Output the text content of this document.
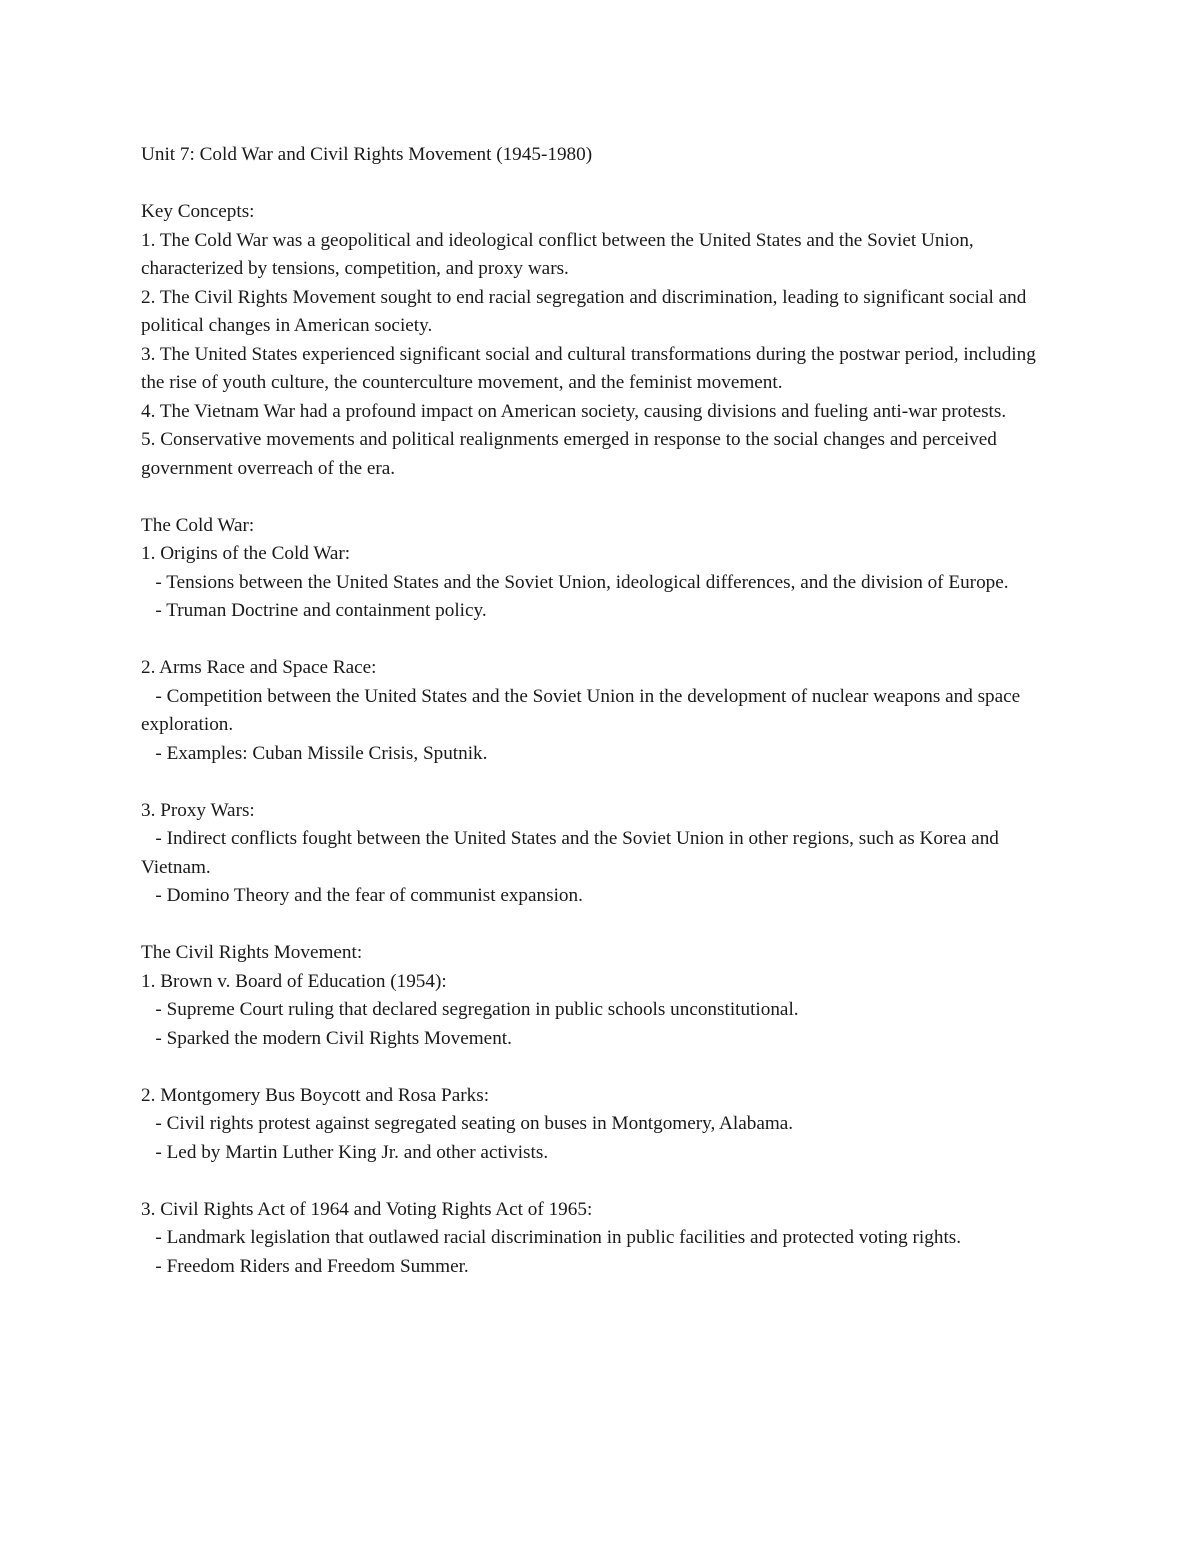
Unit 7: Cold War and Civil Rights Movement (1945-1980)

Key Concepts:

1. The Cold War was a geopolitical and ideological conflict between the United States and the Soviet Union, characterized by tensions, competition, and proxy wars.

2. The Civil Rights Movement sought to end racial segregation and discrimination, leading to significant social and political changes in American society.

3. The United States experienced significant social and cultural transformations during the postwar period, including the rise of youth culture, the counterculture movement, and the feminist movement.

4. The Vietnam War had a profound impact on American society, causing divisions and fueling anti-war protests.

5. Conservative movements and political realignments emerged in response to the social changes and perceived government overreach of the era.

The Cold War:

1. Origins of the Cold War:

- Tensions between the United States and the Soviet Union, ideological differences, and the division of Europe.

- Truman Doctrine and containment policy.

2. Arms Race and Space Race:

- Competition between the United States and the Soviet Union in the development of nuclear weapons and space exploration.

- Examples: Cuban Missile Crisis, Sputnik.

3. Proxy Wars:

- Indirect conflicts fought between the United States and the Soviet Union in other regions, such as Korea and Vietnam.

- Domino Theory and the fear of communist expansion.

The Civil Rights Movement:

1. Brown v. Board of Education (1954):

- Supreme Court ruling that declared segregation in public schools unconstitutional.

- Sparked the modern Civil Rights Movement.

2. Montgomery Bus Boycott and Rosa Parks:

- Civil rights protest against segregated seating on buses in Montgomery, Alabama.

- Led by Martin Luther King Jr. and other activists.

3. Civil Rights Act of 1964 and Voting Rights Act of 1965:

- Landmark legislation that outlawed racial discrimination in public facilities and protected voting rights.

- Freedom Riders and Freedom Summer.
